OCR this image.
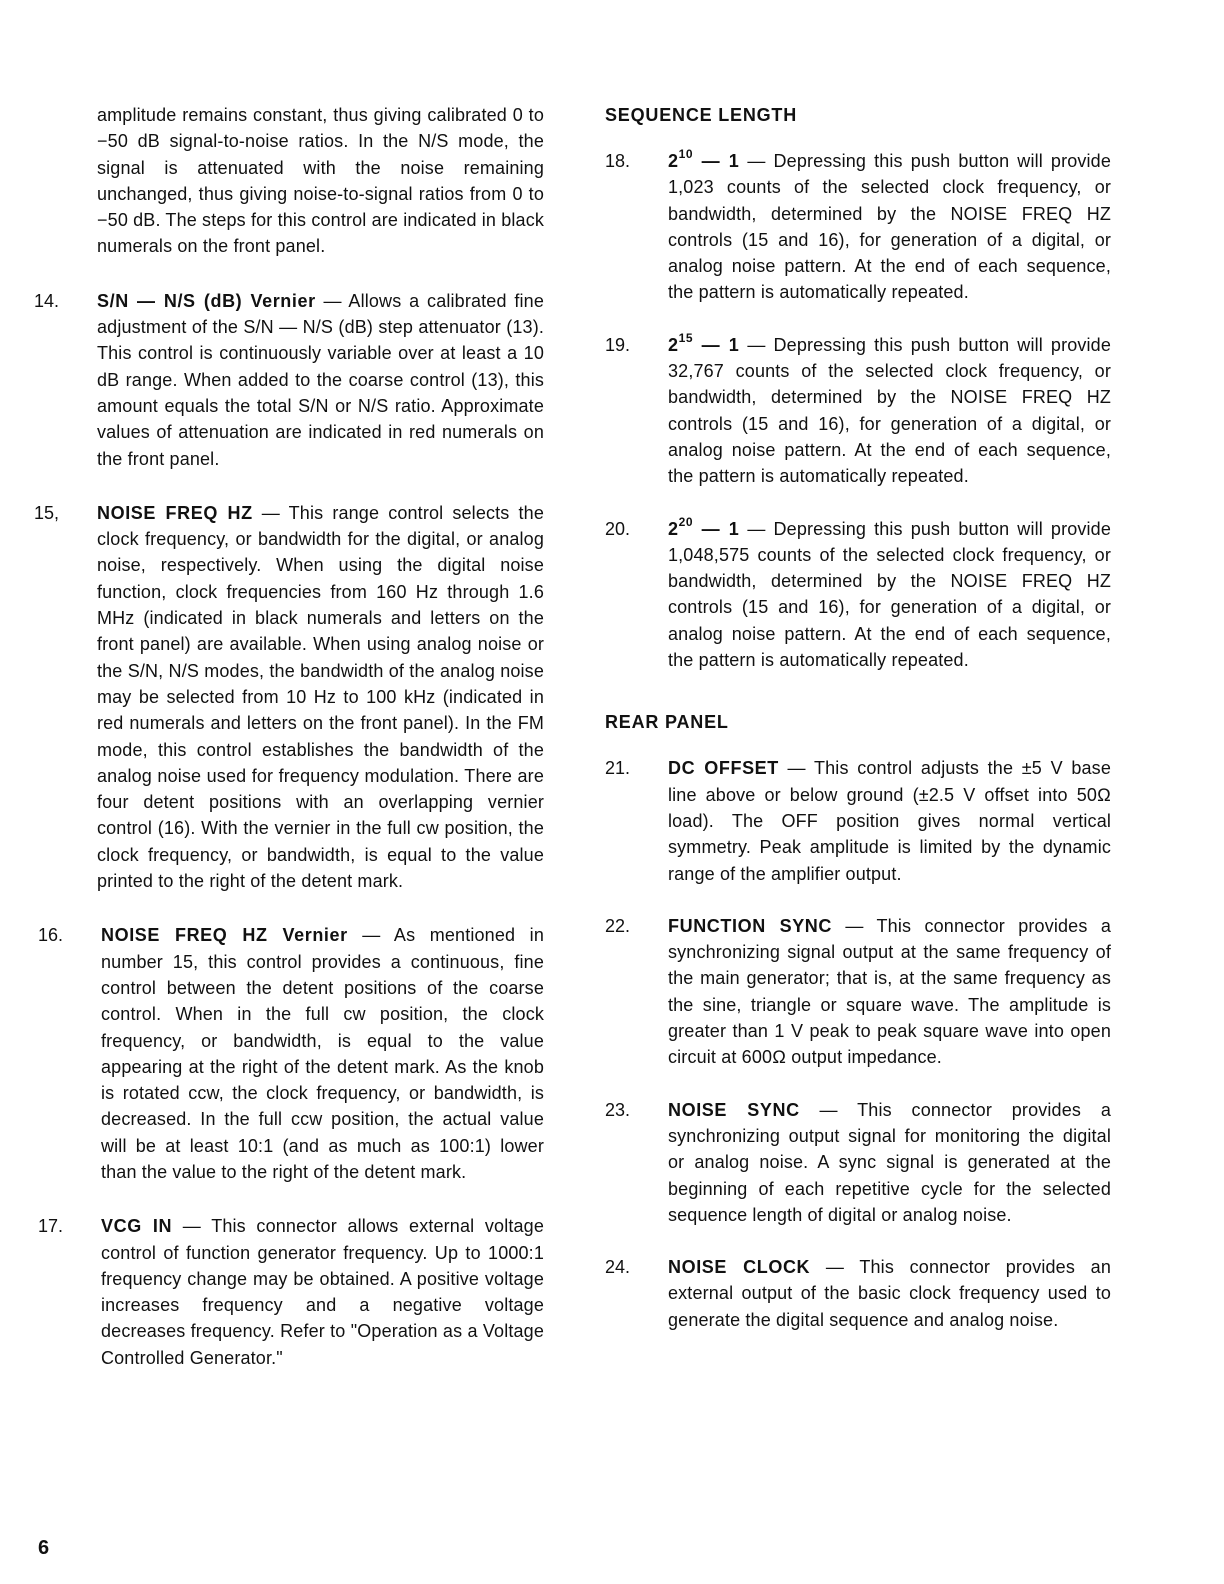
amplitude remains constant, thus giving calibrated 0 to −50 dB signal-to-noise ratios. In the N/S mode, the signal is attenuated with the noise remaining unchanged, thus giving noise-to-signal ratios from 0 to −50 dB. The steps for this control are indicated in black numerals on the front panel.
14. S/N — N/S (dB) Vernier — Allows a calibrated fine adjustment of the S/N — N/S (dB) step attenuator (13). This control is continuously variable over at least a 10 dB range. When added to the coarse control (13), this amount equals the total S/N or N/S ratio. Approximate values of attenuation are indicated in red numerals on the front panel.
15, NOISE FREQ HZ — This range control selects the clock frequency, or bandwidth for the digital, or analog noise, respectively. When using the digital noise function, clock frequencies from 160 Hz through 1.6 MHz (indicated in black numerals and letters on the front panel) are available. When using analog noise or the S/N, N/S modes, the bandwidth of the analog noise may be selected from 10 Hz to 100 kHz (indicated in red numerals and letters on the front panel). In the FM mode, this control establishes the bandwidth of the analog noise used for frequency modulation. There are four detent positions with an overlapping vernier control (16). With the vernier in the full cw position, the clock frequency, or bandwidth, is equal to the value printed to the right of the detent mark.
16. NOISE FREQ HZ Vernier — As mentioned in number 15, this control provides a continuous, fine control between the detent positions of the coarse control. When in the full cw position, the clock frequency, or bandwidth, is equal to the value appearing at the right of the detent mark. As the knob is rotated ccw, the clock frequency, or bandwidth, is decreased. In the full ccw position, the actual value will be at least 10:1 (and as much as 100:1) lower than the value to the right of the detent mark.
17. VCG IN — This connector allows external voltage control of function generator frequency. Up to 1000:1 frequency change may be obtained. A positive voltage increases frequency and a negative voltage decreases frequency. Refer to "Operation as a Voltage Controlled Generator."
SEQUENCE LENGTH
18. $2^{10}$ — 1 — Depressing this push button will provide 1,023 counts of the selected clock frequency, or bandwidth, determined by the NOISE FREQ HZ controls (15 and 16), for generation of a digital, or analog noise pattern. At the end of each sequence, the pattern is automatically repeated.
19. $2^{15}$ — 1 — Depressing this push button will provide 32,767 counts of the selected clock frequency, or bandwidth, determined by the NOISE FREQ HZ controls (15 and 16), for generation of a digital, or analog noise pattern. At the end of each sequence, the pattern is automatically repeated.
20. $2^{20}$ — 1 — Depressing this push button will provide 1,048,575 counts of the selected clock frequency, or bandwidth, determined by the NOISE FREQ HZ controls (15 and 16), for generation of a digital, or analog noise pattern. At the end of each sequence, the pattern is automatically repeated.
REAR PANEL
21. DC OFFSET — This control adjusts the ±5 V base line above or below ground (±2.5 V offset into 50Ω load). The OFF position gives normal vertical symmetry. Peak amplitude is limited by the dynamic range of the amplifier output.
22. FUNCTION SYNC — This connector provides a synchronizing signal output at the same frequency of the main generator; that is, at the same frequency as the sine, triangle or square wave. The amplitude is greater than 1 V peak to peak square wave into open circuit at 600Ω output impedance.
23. NOISE SYNC — This connector provides a synchronizing output signal for monitoring the digital or analog noise. A sync signal is generated at the beginning of each repetitive cycle for the selected sequence length of digital or analog noise.
24. NOISE CLOCK — This connector provides an external output of the basic clock frequency used to generate the digital sequence and analog noise.
6
